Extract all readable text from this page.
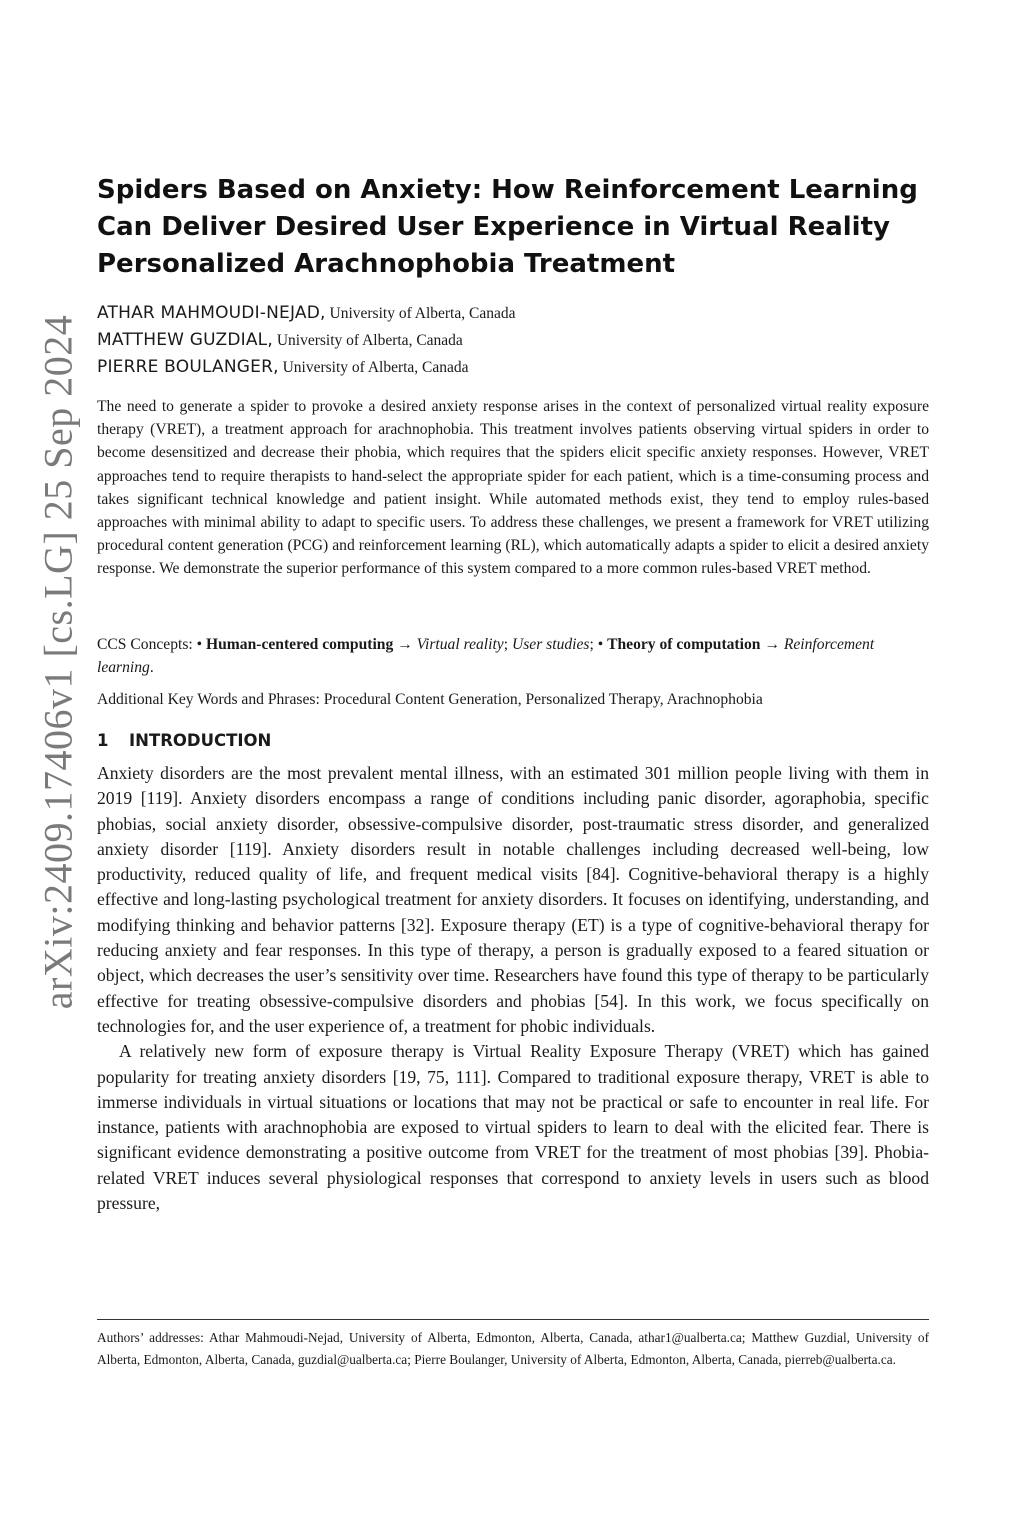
arXiv:2409.17406v1 [cs.LG] 25 Sep 2024
Spiders Based on Anxiety: How Reinforcement Learning Can Deliver Desired User Experience in Virtual Reality Personalized Arachnophobia Treatment
ATHAR MAHMOUDI-NEJAD, University of Alberta, Canada
MATTHEW GUZDIAL, University of Alberta, Canada
PIERRE BOULANGER, University of Alberta, Canada

The need to generate a spider to provoke a desired anxiety response arises in the context of personalized virtual reality exposure therapy (VRET), a treatment approach for arachnophobia. This treatment involves patients observing virtual spiders in order to become desensitized and decrease their phobia, which requires that the spiders elicit specific anxiety responses. However, VRET approaches tend to require therapists to hand-select the appropriate spider for each patient, which is a time-consuming process and takes significant technical knowledge and patient insight. While automated methods exist, they tend to employ rules-based approaches with minimal ability to adapt to specific users. To address these challenges, we present a framework for VRET utilizing procedural content generation (PCG) and reinforcement learning (RL), which automatically adapts a spider to elicit a desired anxiety response. We demonstrate the superior performance of this system compared to a more common rules-based VRET method.

CCS Concepts: • Human-centered computing → Virtual reality; User studies; • Theory of computation → Reinforcement learning.

Additional Key Words and Phrases: Procedural Content Generation, Personalized Therapy, Arachnophobia

1 INTRODUCTION

Anxiety disorders are the most prevalent mental illness, with an estimated 301 million people living with them in 2019 [119]. Anxiety disorders encompass a range of conditions including panic disorder, agoraphobia, specific phobias, social anxiety disorder, obsessive-compulsive disorder, post-traumatic stress disorder, and generalized anxiety disorder [119]. Anxiety disorders result in notable challenges including decreased well-being, low productivity, reduced quality of life, and frequent medical visits [84]. Cognitive-behavioral therapy is a highly effective and long-lasting psychological treatment for anxiety disorders. It focuses on identifying, understanding, and modifying thinking and behavior patterns [32]. Exposure therapy (ET) is a type of cognitive-behavioral therapy for reducing anxiety and fear responses. In this type of therapy, a person is gradually exposed to a feared situation or object, which decreases the user’s sensitivity over time. Researchers have found this type of therapy to be particularly effective for treating obsessive-compulsive disorders and phobias [54]. In this work, we focus specifically on technologies for, and the user experience of, a treatment for phobic individuals.

A relatively new form of exposure therapy is Virtual Reality Exposure Therapy (VRET) which has gained popularity for treating anxiety disorders [19, 75, 111]. Compared to traditional exposure therapy, VRET is able to immerse individuals in virtual situations or locations that may not be practical or safe to encounter in real life. For instance, patients with arachnophobia are exposed to virtual spiders to learn to deal with the elicited fear. There is significant evidence demonstrating a positive outcome from VRET for the treatment of most phobias [39]. Phobia-related VRET induces several physiological responses that correspond to anxiety levels in users such as blood pressure,

Authors’ addresses: Athar Mahmoudi-Nejad, University of Alberta, Edmonton, Alberta, Canada, athar1@ualberta.ca; Matthew Guzdial, University of Alberta, Edmonton, Alberta, Canada, guzdial@ualberta.ca; Pierre Boulanger, University of Alberta, Edmonton, Alberta, Canada, pierreb@ualberta.ca.
